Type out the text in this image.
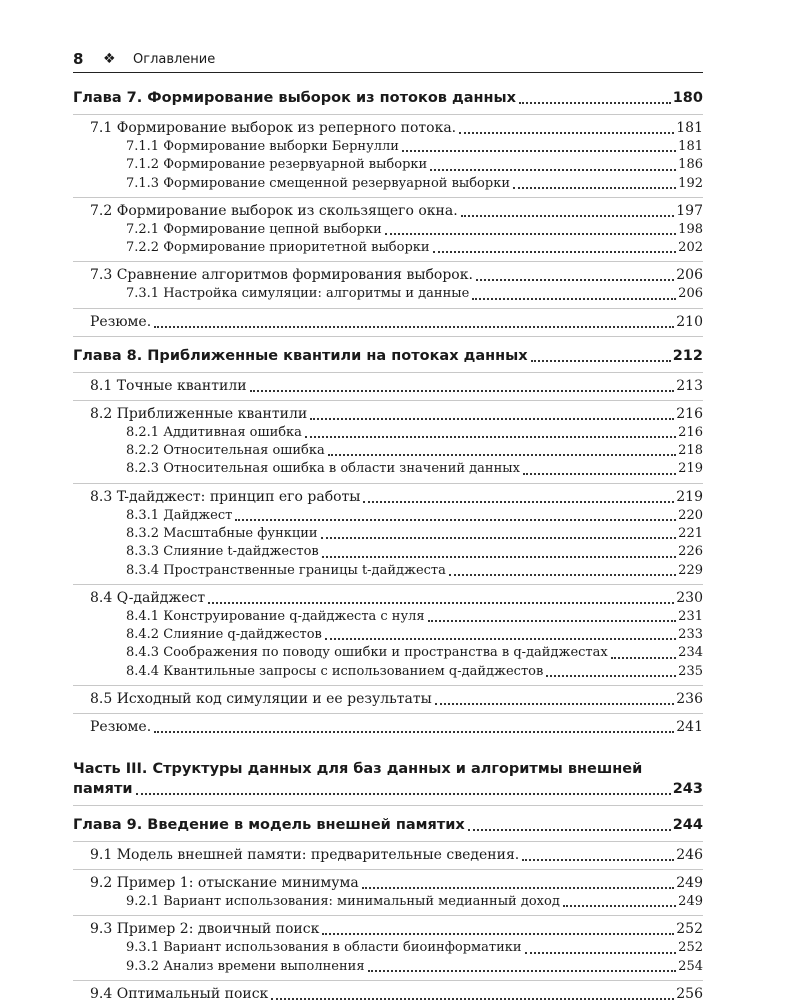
8	❖	Оглавление
Глава 7. Формирование выборок из потоков данных	180
7.1 Формирование выборок из реперного потока.	181
7.1.1 Формирование выборки Бернулли	181
7.1.2 Формирование резервуарной выборки	186
7.1.3 Формирование смещенной резервуарной выборки	192
7.2 Формирование выборок из скользящего окна.	197
7.2.1 Формирование цепной выборки	198
7.2.2 Формирование приоритетной выборки	202
7.3 Сравнение алгоритмов формирования выборок.	206
7.3.1 Настройка симуляции: алгоритмы и данные	206
Резюме.	210
Глава 8. Приближенные квантили на потоках данных	212
8.1 Точные квантили	213
8.2 Приближенные квантили	216
8.2.1 Аддитивная ошибка	216
8.2.2 Относительная ошибка	218
8.2.3 Относительная ошибка в области значений данных	219
8.3 T-дайджест: принцип его работы	219
8.3.1 Дайджест	220
8.3.2 Масштабные функции	221
8.3.3 Слияние t-дайджестов	226
8.3.4 Пространственные границы t-дайджеста	229
8.4 Q-дайджест	230
8.4.1 Конструирование q-дайджеста с нуля	231
8.4.2 Слияние q-дайджестов	233
8.4.3 Соображения по поводу ошибки и пространства в q-дайджестах	234
8.4.4 Квантильные запросы с использованием q-дайджестов	235
8.5 Исходный код симуляции и ее результаты	236
Резюме.	241
Часть III. Структуры данных для баз данных и алгоритмы внешней
памяти	243
Глава 9. Введение в модель внешней памятих	244
9.1 Модель внешней памяти: предварительные сведения.	246
9.2 Пример 1: отыскание минимума	249
9.2.1 Вариант использования: минимальный медианный доход	249
9.3 Пример 2: двоичный поиск	252
9.3.1 Вариант использования в области биоинформатики	252
9.3.2 Анализ времени выполнения	254
9.4 Оптимальный поиск	256
